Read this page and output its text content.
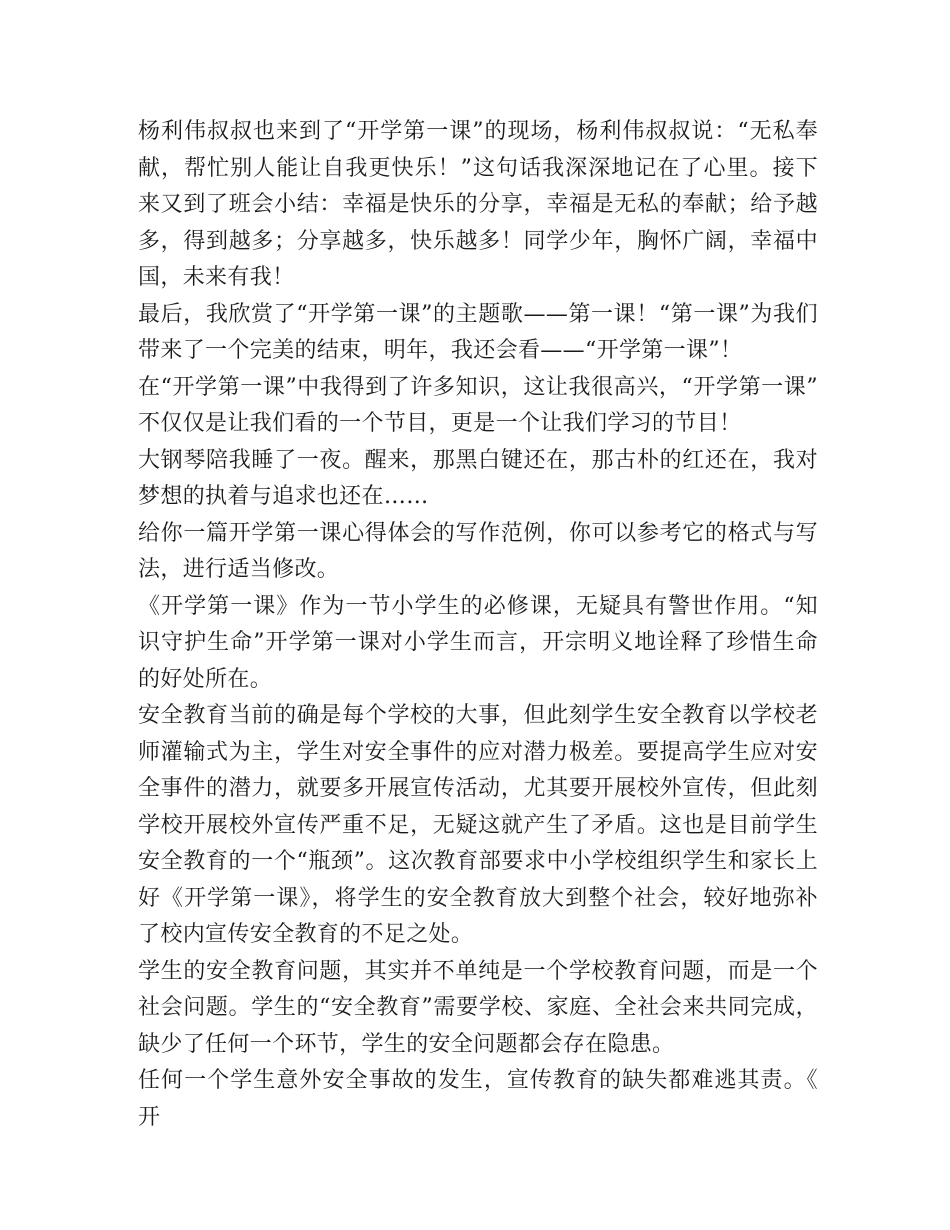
杨利伟叔叔也来到了“开学第一课”的现场，杨利伟叔叔说：“无私奉献，帮忙别人能让自我更快乐！”这句话我深深地记在了心里。接下来又到了班会小结：幸福是快乐的分享，幸福是无私的奉献；给予越多，得到越多；分享越多，快乐越多！同学少年，胸怀广阔，幸福中国，未来有我！

最后，我欣赏了“开学第一课”的主题歌——第一课！“第一课”为我们带来了一个完美的结束，明年，我还会看——“开学第一课”！

在“开学第一课”中我得到了许多知识，这让我很高兴，“开学第一课”不仅仅是让我们看的一个节目，更是一个让我们学习的节目！

大钢琴陪我睡了一夜。醒来，那黑白键还在，那古朴的红还在，我对梦想的执着与追求也还在……

给你一篇开学第一课心得体会的写作范例，你可以参考它的格式与写法，进行适当修改。

《开学第一课》作为一节小学生的必修课，无疑具有警世作用。“知识守护生命”开学第一课对小学生而言，开宗明义地诠释了珍惜生命的好处所在。

安全教育当前的确是每个学校的大事，但此刻学生安全教育以学校老师灌输式为主，学生对安全事件的应对潜力极差。要提高学生应对安全事件的潜力，就要多开展宣传活动，尤其要开展校外宣传，但此刻学校开展校外宣传严重不足，无疑这就产生了矛盾。这也是目前学生安全教育的一个“瓶颈”。这次教育部要求中小学校组织学生和家长上好《开学第一课》，将学生的安全教育放大到整个社会，较好地弥补了校内宣传安全教育的不足之处。

学生的安全教育问题，其实并不单纯是一个学校教育问题，而是一个社会问题。学生的“安全教育”需要学校、家庭、全社会来共同完成，缺少了任何一个环节，学生的安全问题都会存在隐患。

任何一个学生意外安全事故的发生，宣传教育的缺失都难逃其责。《开
